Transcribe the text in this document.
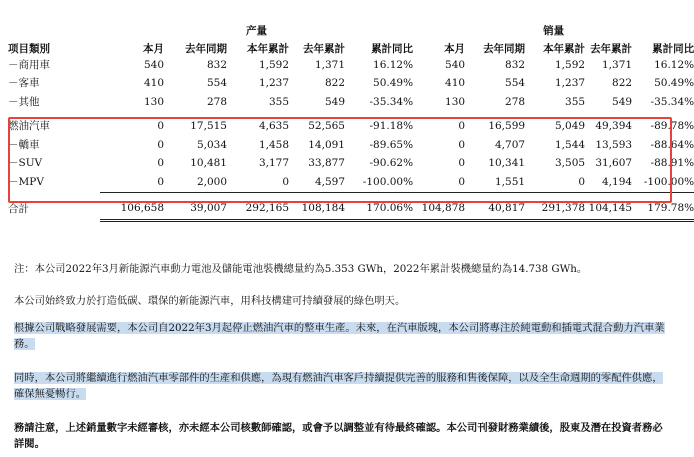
	产量					销量				
项目類別	本月	去年同期	本年累計	去年累計	累計同比	本月	去年同期	本年累計	去年累計	累計同比
－商用車	540	832	1,592	1,371	16.12%	540	832	1,592	1,371	16.12%
－客車	410	554	1,237	822	50.49%	410	554	1,237	822	50.49%
－其他	130	278	355	549	-35.34%	130	278	355	549	-35.34%

燃油汽車	0	17,515	4,635	52,565	-91.18%	0	16,599	5,049	49,394	-89.78%
－轎車	0	5,034	1,458	14,091	-89.65%	0	4,707	1,544	13,593	-88.64%
－SUV	0	10,481	3,177	33,877	-90.62%	0	10,341	3,505	31,607	-88.91%
－MPV	0	2,000	0	4,597	-100.00%	0	1,551	0	4,194	-100.00%

合計	106,658	39,007	292,165	108,184	170.06%	104,878	40,817	291,378	104,145	179.78%

注：本公司2022年3月新能源汽車動力電池及儲能電池裝機總量約為5.353 GWh，2022年累計裝機總量約為14.738 GWh。

本公司始終致力於打造低碳、環保的新能源汽車，用科技構建可持續發展的綠色明天。

根據公司戰略發展需要，本公司自2022年3月起停止燃油汽車的整車生產。未來，在汽車版塊，本公司將專注於純電動和插電式混合動力汽車業務。

同時，本公司將繼續進行燃油汽車零部件的生產和供應，為現有燃油汽車客戶持續提供完善的服務和售後保障，以及全生命週期的零配件供應，確保無憂暢行。

務請注意，上述銷量數字未經審核，亦未經本公司核數師確認，或會予以調整並有待最終確認。本公司刊發財務業績後，股東及潛在投資者務必詳閱。
